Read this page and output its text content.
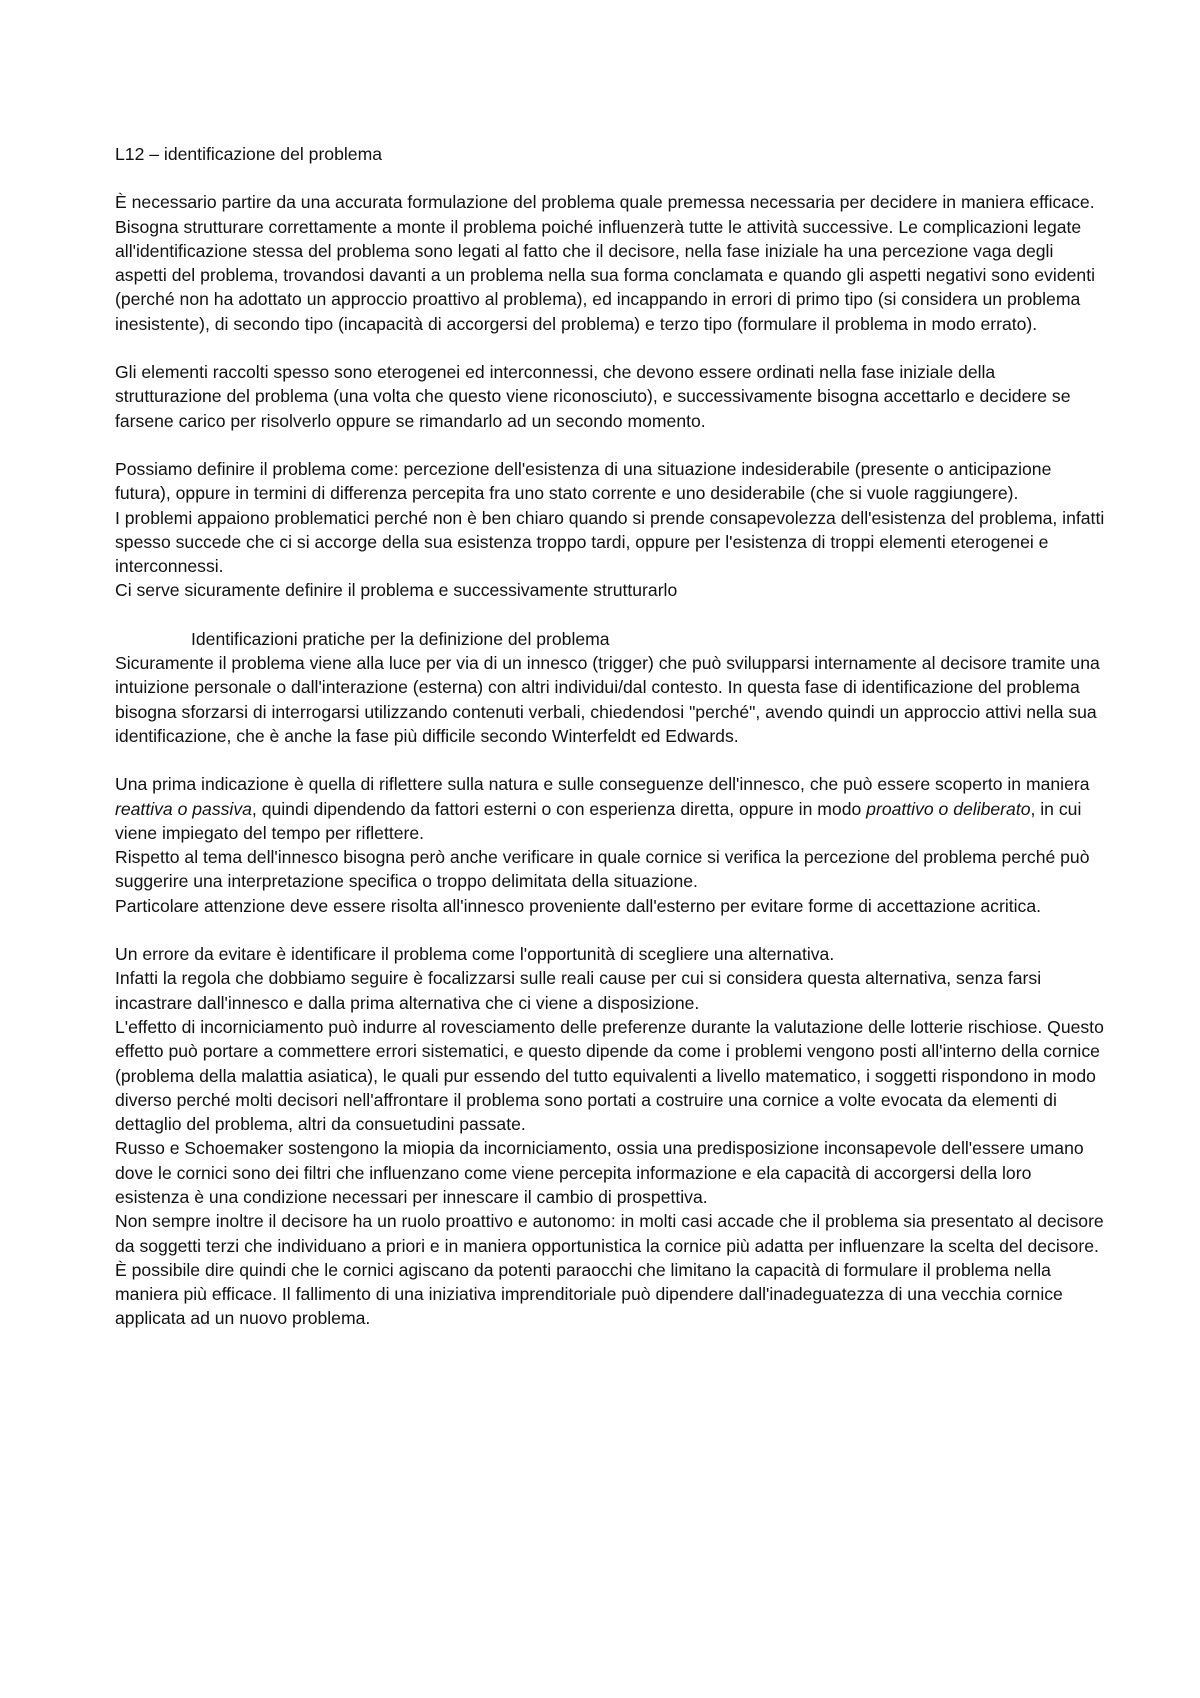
L12 – identificazione del problema

È necessario partire da una accurata formulazione del problema quale premessa necessaria per decidere in maniera efficace. Bisogna strutturare correttamente a monte il problema poiché influenzerà tutte le attività successive. Le complicazioni legate all'identificazione stessa del problema sono legati al fatto che il decisore, nella fase iniziale ha una percezione vaga degli aspetti del problema, trovandosi davanti a un problema nella sua forma conclamata e quando gli aspetti negativi sono evidenti (perché non ha adottato un approccio proattivo al problema), ed incappando in errori di primo tipo (si considera un problema inesistente), di secondo tipo (incapacità di accorgersi del problema) e terzo tipo (formulare il problema in modo errato).

Gli elementi raccolti spesso sono eterogenei ed interconnessi, che devono essere ordinati nella fase iniziale della strutturazione del problema (una volta che questo viene riconosciuto), e successivamente bisogna accettarlo e decidere se farsene carico per risolverlo oppure se rimandarlo ad un secondo momento.

Possiamo definire il problema come: percezione dell'esistenza di una situazione indesiderabile (presente o anticipazione futura), oppure in termini di differenza percepita fra uno stato corrente e uno desiderabile (che si vuole raggiungere).

I problemi appaiono problematici perché non è ben chiaro quando si prende consapevolezza dell'esistenza del problema, infatti spesso succede che ci si accorge della sua esistenza troppo tardi, oppure per l'esistenza di troppi elementi eterogenei e interconnessi.

Ci serve sicuramente definire il problema e successivamente strutturarlo

Identificazioni pratiche per la definizione del problema

Sicuramente il problema viene alla luce per via di un innesco (trigger) che può svilupparsi internamente al decisore tramite una intuizione personale o dall'interazione (esterna) con altri individui/dal contesto. In questa fase di identificazione del problema bisogna sforzarsi di interrogarsi utilizzando contenuti verbali, chiedendosi "perché", avendo quindi un approccio attivi nella sua identificazione, che è anche la fase più difficile secondo Winterfeldt ed Edwards.

Una prima indicazione è quella di riflettere sulla natura e sulle conseguenze dell'innesco, che può essere scoperto in maniera reattiva o passiva, quindi dipendendo da fattori esterni o con esperienza diretta, oppure in modo proattivo o deliberato, in cui viene impiegato del tempo per riflettere.

Rispetto al tema dell'innesco bisogna però anche verificare in quale cornice si verifica la percezione del problema perché può suggerire una interpretazione specifica o troppo delimitata della situazione.

Particolare attenzione deve essere risolta all'innesco proveniente dall'esterno per evitare forme di accettazione acritica.

Un errore da evitare è identificare il problema come l'opportunità di scegliere una alternativa.

Infatti la regola che dobbiamo seguire è focalizzarsi sulle reali cause per cui si considera questa alternativa, senza farsi incastrare dall'innesco e dalla prima alternativa che ci viene a disposizione.

L'effetto di incorniciamento può indurre al rovesciamento delle preferenze durante la valutazione delle lotterie rischiose. Questo effetto può portare a commettere errori sistematici, e questo dipende da come i problemi vengono posti all'interno della cornice (problema della malattia asiatica), le quali pur essendo del tutto equivalenti a livello matematico, i soggetti rispondono in modo diverso perché molti decisori nell'affrontare il problema sono portati a costruire una cornice a volte evocata da elementi di dettaglio del problema, altri da consuetudini passate.

Russo e Schoemaker sostengono la miopia da incorniciamento, ossia una predisposizione inconsapevole dell'essere umano dove le cornici sono dei filtri che influenzano come viene percepita informazione e ela capacità di accorgersi della loro esistenza è una condizione necessari per innescare il cambio di prospettiva.

Non sempre inoltre il decisore ha un ruolo proattivo e autonomo: in molti casi accade che il problema sia presentato al decisore da soggetti terzi che individuano a priori e in maniera opportunistica la cornice più adatta per influenzare la scelta del decisore.

È possibile dire quindi che le cornici agiscano da potenti paraocchi che limitano la capacità di formulare il problema nella maniera più efficace. Il fallimento di una iniziativa imprenditoriale può dipendere dall'inadeguatezza di una vecchia cornice applicata ad un nuovo problema.
